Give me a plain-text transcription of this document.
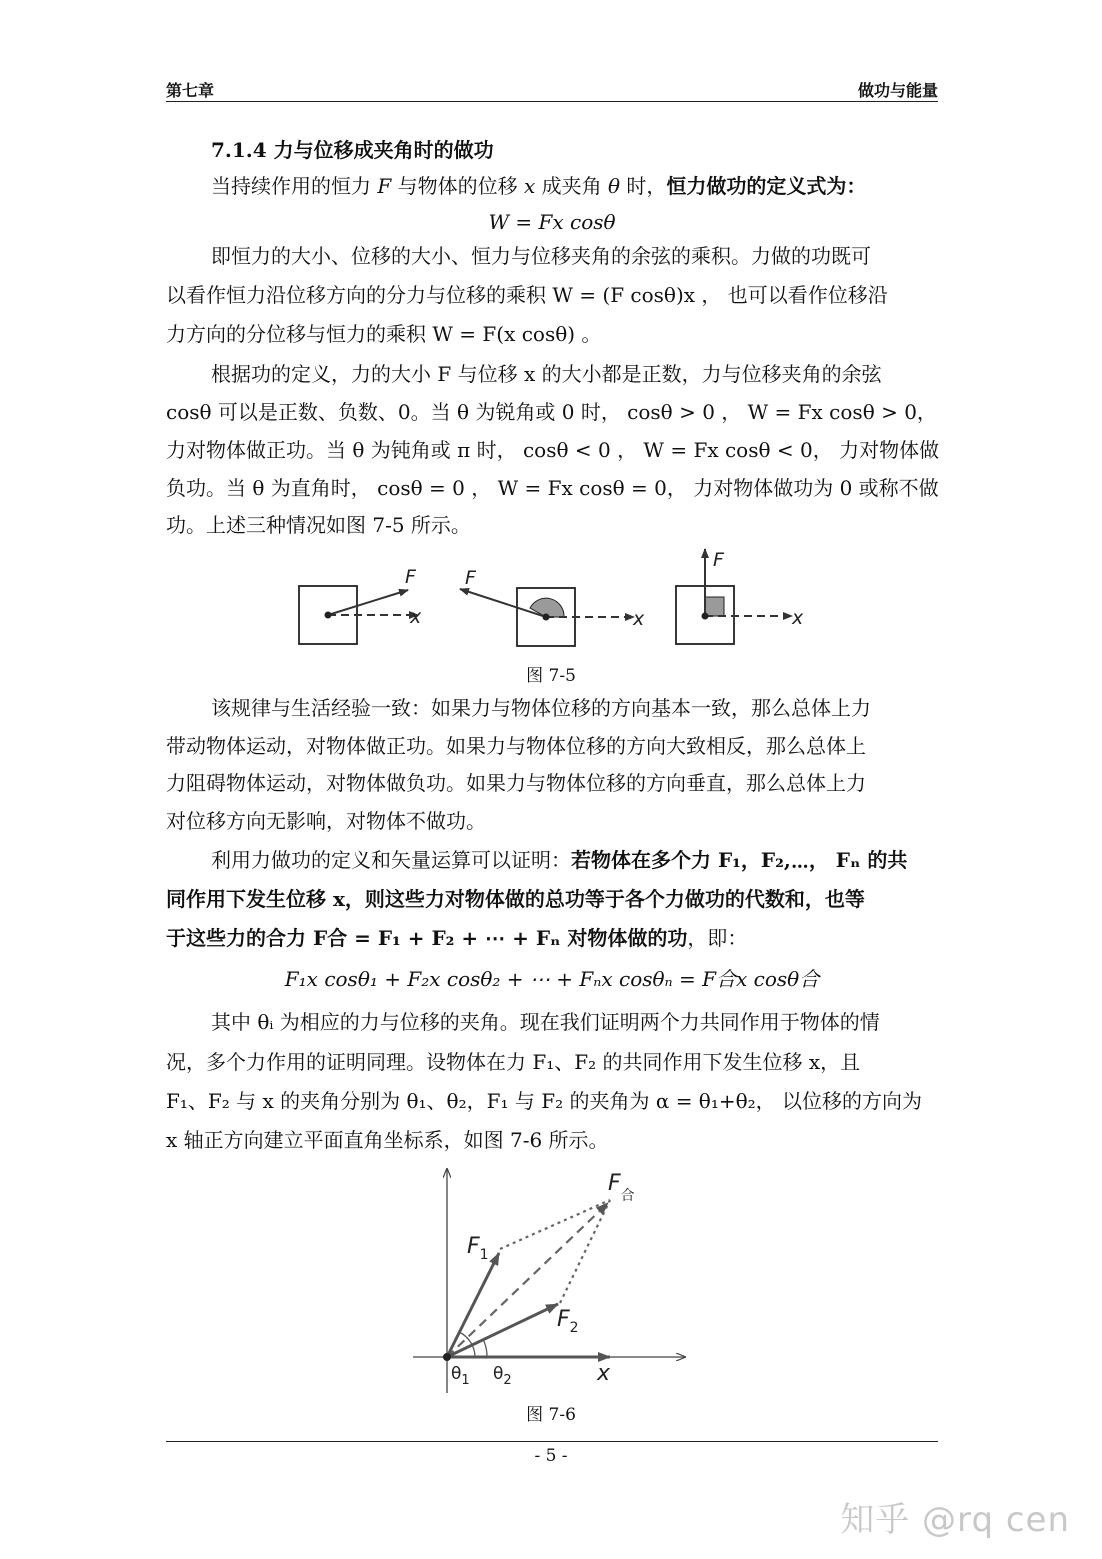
第七章	做功与能量
7.1.4 力与位移成夹角时的做功
当持续作用的恒力 F 与物体的位移 x 成夹角 θ 时，恒力做功的定义式为：
W = Fx cosθ
即恒力的大小、位移的大小、恒力与位移夹角的余弦的乘积。力做的功既可
以看作恒力沿位移方向的分力与位移的乘积 W = (F cosθ)x ， 也可以看作位移沿
力方向的分位移与恒力的乘积 W = F(x cosθ) 。
根据功的定义，力的大小 F 与位移 x 的大小都是正数，力与位移夹角的余弦
cosθ 可以是正数、负数、0。当 θ 为锐角或 0 时， cosθ > 0 ， W = Fx cosθ > 0，
力对物体做正功。当 θ 为钝角或 π 时， cosθ < 0 ， W = Fx cosθ < 0， 力对物体做
负功。当 θ 为直角时， cosθ = 0 ， W = Fx cosθ = 0， 力对物体做功为 0 或称不做
功。上述三种情况如图 7-5 所示。
F
x
F
x
F
x
图 7-5
该规律与生活经验一致：如果力与物体位移的方向基本一致，那么总体上力
带动物体运动，对物体做正功。如果力与物体位移的方向大致相反，那么总体上
力阻碍物体运动，对物体做负功。如果力与物体位移的方向垂直，那么总体上力
对位移方向无影响，对物体不做功。
利用力做功的定义和矢量运算可以证明：若物体在多个力 F₁，F₂,⋯， Fₙ 的共
同作用下发生位移 x，则这些力对物体做的总功等于各个力做功的代数和，也等
于这些力的合力 F合 = F₁ + F₂ + ⋯ + Fₙ 对物体做的功，即：
F₁x cosθ₁ + F₂x cosθ₂ + ⋯ + Fₙx cosθₙ = F合x cosθ合
其中 θᵢ 为相应的力与位移的夹角。现在我们证明两个力共同作用于物体的情
况，多个力作用的证明同理。设物体在力 F₁、F₂ 的共同作用下发生位移 x，且
F₁、F₂ 与 x 的夹角分别为 θ₁、θ₂，F₁ 与 F₂ 的夹角为 α = θ₁+θ₂， 以位移的方向为
x 轴正方向建立平面直角坐标系，如图 7-6 所示。
$F_1$
$F_2$
$F_合$
x
$\theta_1$ $\theta_2$
图 7-6
- 5 -
知乎 @rq cen
